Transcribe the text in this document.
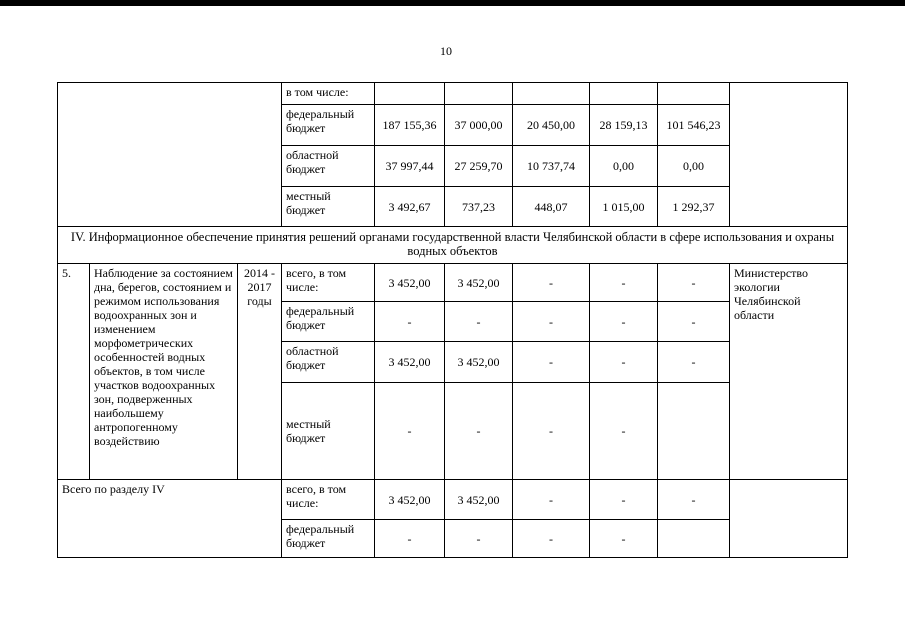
10
			в том числе:						
			федеральный бюджет	187 155,36	37 000,00	20 450,00	28 159,13	101 546,23	
			областной бюджет	37 997,44	27 259,70	10 737,74	0,00	0,00	
			местный бюджет	3 492,67	737,23	448,07	1 015,00	1 292,37	
IV. Информационное обеспечение принятия решений органами государственной власти Челябинской области в сфере использования и охраны водных объектов									
5.	Наблюдение за состоянием дна, берегов, состоянием и режимом использования водоохранных зон и изменением морфометрических особенностей водных объектов, в том числе участков водоохранных зон, подверженных наибольшему антропогенному воздействию	2014 - 2017 годы	всего, в том числе:	3 452,00	3 452,00	-	-	-	Министерство экологии Челябинской области
			федеральный бюджет	-	-	-	-	-	
			областной бюджет	3 452,00	3 452,00	-	-	-	
			местный бюджет	-	-	-	-		
Всего по разделу IV			всего, в том числе:	3 452,00	3 452,00	-	-	-	
			федеральный бюджет	-	-	-	-		
